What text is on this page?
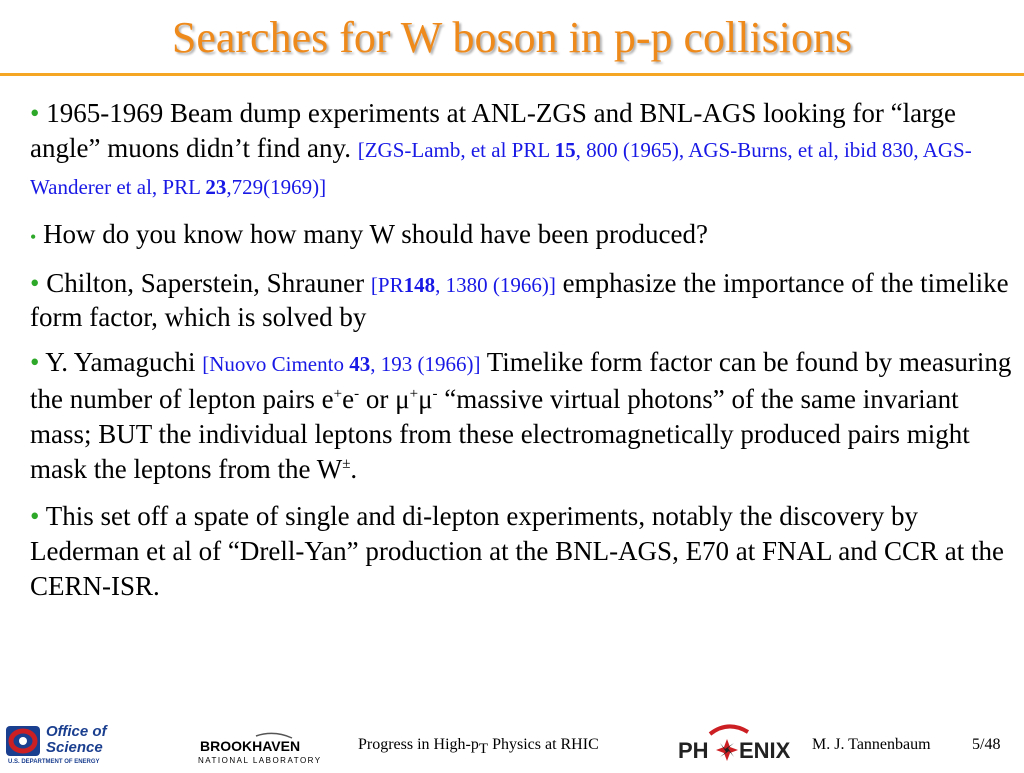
Searches for W boson in p-p collisions

• 1965-1969 Beam dump experiments at ANL-ZGS and BNL-AGS looking for “large angle” muons didn’t find any. [ZGS-Lamb, et al PRL 15, 800 (1965), AGS-Burns, et al, ibid 830, AGS-Wanderer et al, PRL 23,729(1969)]

• How do you know how many W should have been produced?

• Chilton, Saperstein, Shrauner [PR148, 1380 (1966)] emphasize the importance of the timelike form factor, which is solved by

• Y. Yamaguchi [Nuovo Cimento 43, 193 (1966)] Timelike form factor can be found by measuring the number of lepton pairs e+e- or μ+μ- “massive virtual photons” of the same invariant mass; BUT the individual leptons from these electromagnetically produced pairs might mask the leptons from the W±.

• This set off a spate of single and di-lepton experiments, notably the discovery by Lederman et al of “Drell-Yan” production at the BNL-AGS, E70 at FNAL and CCR at the CERN-ISR.

Office of
Science
U.S. DEPARTMENT OF ENERGY
BROOKHAVEN
NATIONAL LABORATORY
Progress in High-$p_T$ Physics at RHIC	PH ENIX M. J. Tannenbaum	5/48
